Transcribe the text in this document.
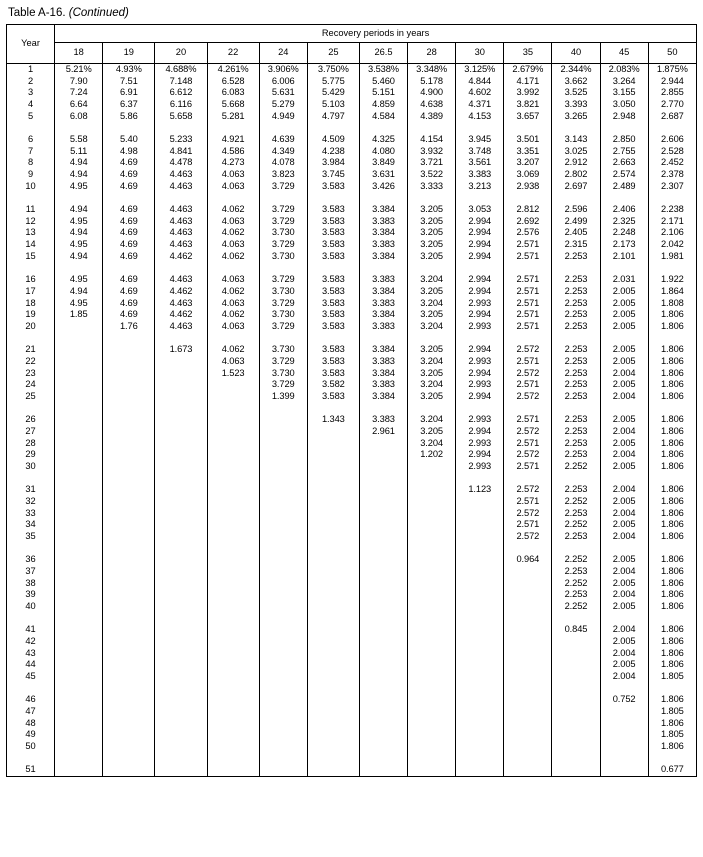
Table A-16. (Continued)
Year	Recovery periods in years												
	18	19	20	22	24	25	26.5	28	30	35	40	45	50
1	5.21%	4.93%	4.688%	4.261%	3.906%	3.750%	3.538%	3.348%	3.125%	2.679%	2.344%	2.083%	1.875%
2	7.90	7.51	7.148	6.528	6.006	5.775	5.460	5.178	4.844	4.171	3.662	3.264	2.944
3	7.24	6.91	6.612	6.083	5.631	5.429	5.151	4.900	4.602	3.992	3.525	3.155	2.855
4	6.64	6.37	6.116	5.668	5.279	5.103	4.859	4.638	4.371	3.821	3.393	3.050	2.770
5	6.08	5.86	5.658	5.281	4.949	4.797	4.584	4.389	4.153	3.657	3.265	2.948	2.687

6	5.58	5.40	5.233	4.921	4.639	4.509	4.325	4.154	3.945	3.501	3.143	2.850	2.606
7	5.11	4.98	4.841	4.586	4.349	4.238	4.080	3.932	3.748	3.351	3.025	2.755	2.528
8	4.94	4.69	4.478	4.273	4.078	3.984	3.849	3.721	3.561	3.207	2.912	2.663	2.452
9	4.94	4.69	4.463	4.063	3.823	3.745	3.631	3.522	3.383	3.069	2.802	2.574	2.378
10	4.95	4.69	4.463	4.063	3.729	3.583	3.426	3.333	3.213	2.938	2.697	2.489	2.307

11	4.94	4.69	4.463	4.062	3.729	3.583	3.384	3.205	3.053	2.812	2.596	2.406	2.238
12	4.95	4.69	4.463	4.063	3.729	3.583	3.383	3.205	2.994	2.692	2.499	2.325	2.171
13	4.94	4.69	4.463	4.062	3.730	3.583	3.384	3.205	2.994	2.576	2.405	2.248	2.106
14	4.95	4.69	4.463	4.063	3.729	3.583	3.383	3.205	2.994	2.571	2.315	2.173	2.042
15	4.94	4.69	4.462	4.062	3.730	3.583	3.384	3.205	2.994	2.571	2.253	2.101	1.981

16	4.95	4.69	4.463	4.063	3.729	3.583	3.383	3.204	2.994	2.571	2.253	2.031	1.922
17	4.94	4.69	4.462	4.062	3.730	3.583	3.384	3.205	2.994	2.571	2.253	2.005	1.864
18	4.95	4.69	4.463	4.063	3.729	3.583	3.383	3.204	2.993	2.571	2.253	2.005	1.808
19	1.85	4.69	4.462	4.062	3.730	3.583	3.384	3.205	2.994	2.571	2.253	2.005	1.806
20		1.76	4.463	4.063	3.729	3.583	3.383	3.204	2.993	2.571	2.253	2.005	1.806

21			1.673	4.062	3.730	3.583	3.384	3.205	2.994	2.572	2.253	2.005	1.806
22				4.063	3.729	3.583	3.383	3.204	2.993	2.571	2.253	2.005	1.806
23				1.523	3.730	3.583	3.384	3.205	2.994	2.572	2.253	2.004	1.806
24					3.729	3.582	3.383	3.204	2.993	2.571	2.253	2.005	1.806
25					1.399	3.583	3.384	3.205	2.994	2.572	2.253	2.004	1.806

26						1.343	3.383	3.204	2.993	2.571	2.253	2.005	1.806
27							2.961	3.205	2.994	2.572	2.253	2.004	1.806
28								3.204	2.993	2.571	2.253	2.005	1.806
29								1.202	2.994	2.572	2.253	2.004	1.806
30									2.993	2.571	2.252	2.005	1.806

31									1.123	2.572	2.253	2.004	1.806
32										2.571	2.252	2.005	1.806
33										2.572	2.253	2.004	1.806
34										2.571	2.252	2.005	1.806
35										2.572	2.253	2.004	1.806

36										0.964	2.252	2.005	1.806
37											2.253	2.004	1.806
38											2.252	2.005	1.806
39											2.253	2.004	1.806
40											2.252	2.005	1.806

41											0.845	2.004	1.806
42												2.005	1.806
43												2.004	1.806
44												2.005	1.806
45												2.004	1.805

46												0.752	1.806
47													1.805
48													1.806
49													1.805
50													1.806

51													0.677
